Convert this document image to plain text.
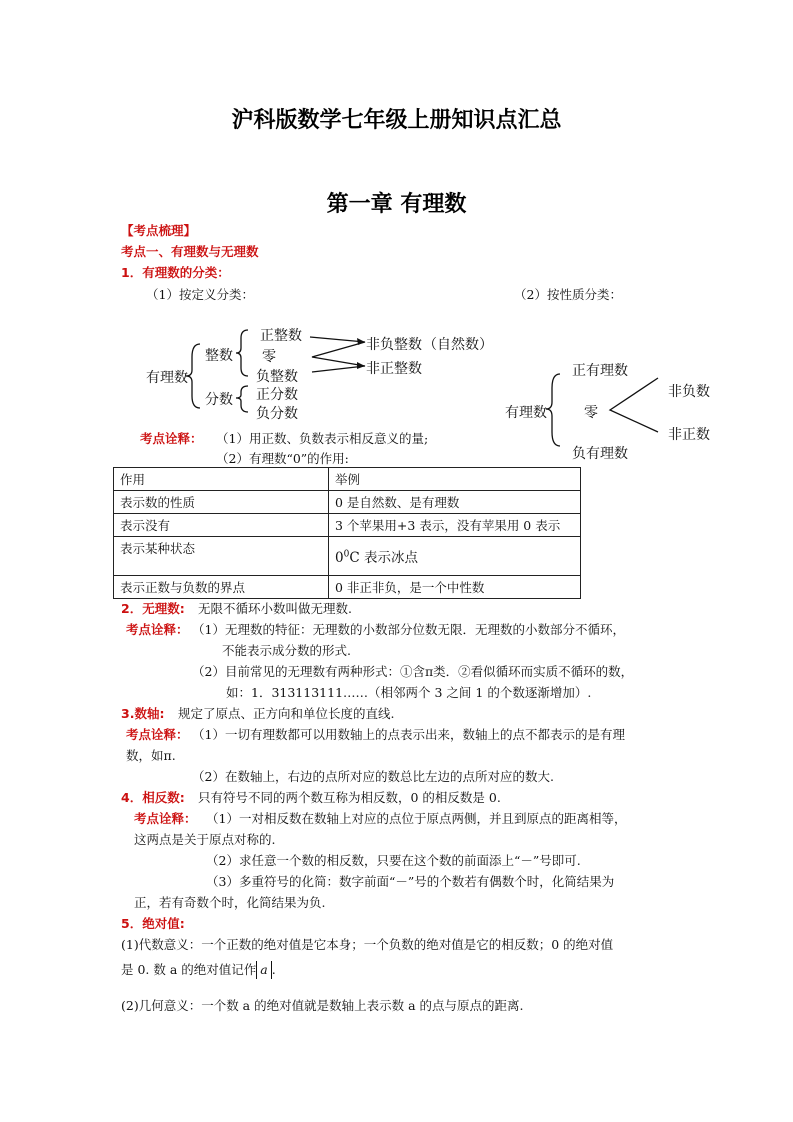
沪科版数学七年级上册知识点汇总
第一章 有理数
【考点梳理】
考点一、有理数与无理数
1．有理数的分类：
（1）按定义分类：	（2）按性质分类：
有理数
整数
分数
正整数
零
负整数
正分数
负分数
非负整数 （自然数）
非正整数
有理数
正有理数
零
负有理数
非负数
非正数
考点诠释： （1）用正数、负数表示相反意义的量;
（2）有理数“0”的作用:
作用	举例
表示数的性质	0 是自然数、是有理数
表示没有	3 个苹果用+3 表示，没有苹果用 0 表示
表示某种状态	$0^0C$ 表示冰点
表示正数与负数的界点	0 非正非负，是一个中性数
2．无理数: 无限不循环小数叫做无理数.
考点诠释： （1）无理数的特征：无理数的小数部分位数无限．无理数的小数部分不循环，
不能表示成分数的形式.
（2）目前常见的无理数有两种形式：①含π类．②看似循环而实质不循环的数，
如：1．313113111……（相邻两个 3 之间 1 的个数逐渐增加）.
3.数轴: 规定了原点、正方向和单位长度的直线.
考点诠释： （1）一切有理数都可以用数轴上的点表示出来，数轴上的点不都表示的是有理
数，如π.
（2）在数轴上，右边的点所对应的数总比左边的点所对应的数大.
4．相反数: 只有符号不同的两个数互称为相反数，0 的相反数是 0.
考点诠释： （1）一对相反数在数轴上对应的点位于原点两侧，并且到原点的距离相等，
这两点是关于原点对称的.
（2）求任意一个数的相反数，只要在这个数的前面添上“－”号即可.
（3）多重符号的化简：数字前面“－”号的个数若有偶数个时，化简结果为
正，若有奇数个时，化简结果为负.
5．绝对值:
(1)代数意义：一个正数的绝对值是它本身；一个负数的绝对值是它的相反数；0 的绝对值
是 0. 数 a 的绝对值记作 a .
(2)几何意义：一个数 a 的绝对值就是数轴上表示数 a 的点与原点的距离.
